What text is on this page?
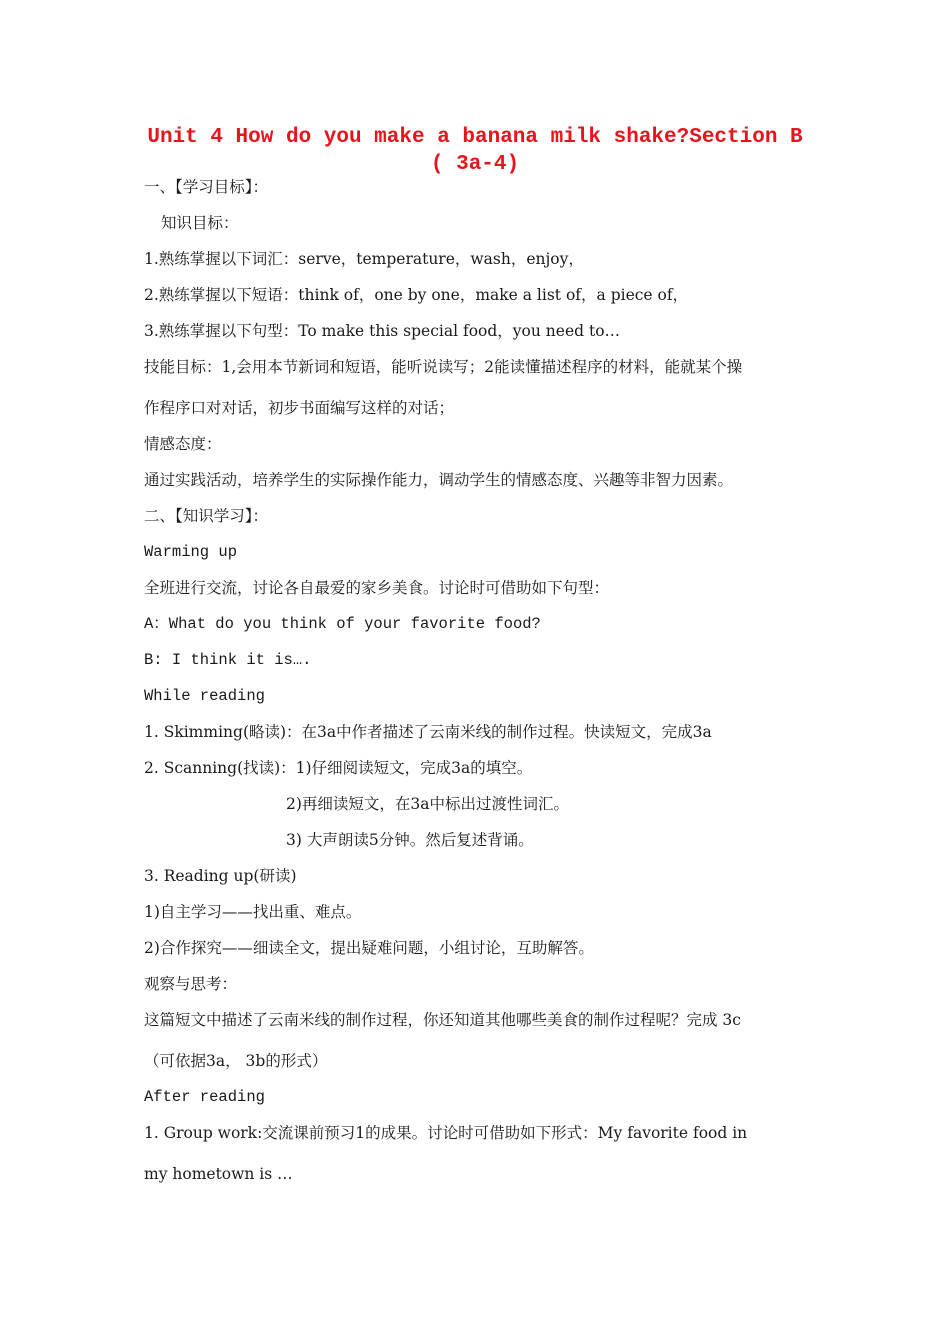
Unit 4 How do you make a banana milk shake?Section B ( 3a-4)
一、【学习目标】：
知识目标：
1.熟练掌握以下词汇：serve，temperature，wash，enjoy，
2.熟练掌握以下短语：think of，one by one，make a list of，a piece of，
3.熟练掌握以下句型：To make this special food，you need to…
技能目标：1,会用本节新词和短语，能听说读写；2能读懂描述程序的材料，能就某个操
作程序口对对话，初步书面编写这样的对话；
情感态度：
通过实践活动，培养学生的实际操作能力，调动学生的情感态度、兴趣等非智力因素。
二、【知识学习】：
Warming up
全班进行交流，讨论各自最爱的家乡美食。讨论时可借助如下句型：
A：What do you think of your favorite food?
B: I think it is….
While reading
1. Skimming(略读)：在3a中作者描述了云南米线的制作过程。快读短文，完成3a
2. Scanning(找读)：1)仔细阅读短文，完成3a的填空。
2)再细读短文，在3a中标出过渡性词汇。
3) 大声朗读5分钟。然后复述背诵。
3. Reading up(研读)
1)自主学习——找出重、难点。
2)合作探究——细读全文，提出疑难问题，小组讨论，互助解答。
观察与思考：
这篇短文中描述了云南米线的制作过程，你还知道其他哪些美食的制作过程呢？完成 3c
（可依据3a， 3b的形式）
After reading
1. Group work:交流课前预习1的成果。讨论时可借助如下形式：My favorite food in
my hometown is …
